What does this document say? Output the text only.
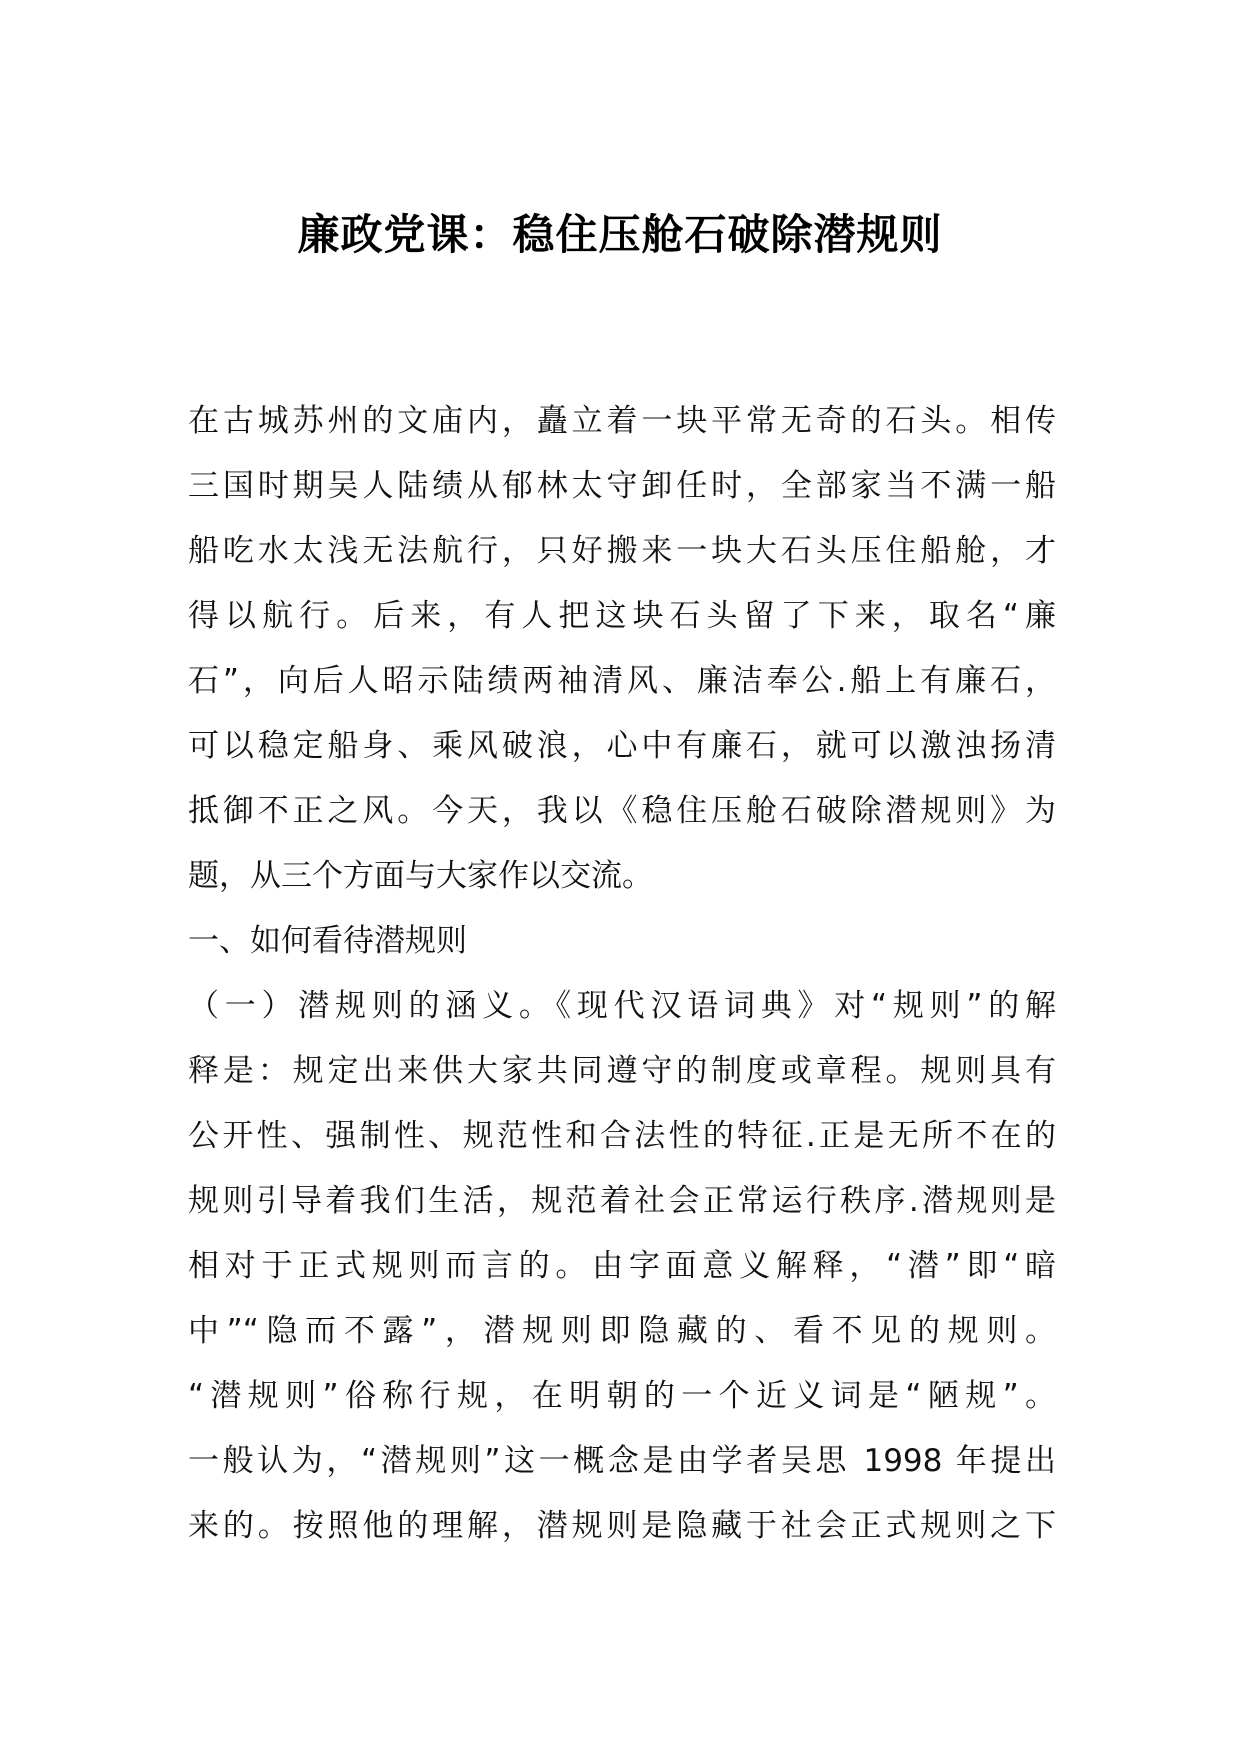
廉政党课：稳住压舱石破除潜规则
在古城苏州的文庙内，矗立着一块平常无奇的石头。相传
三国时期吴人陆绩从郁林太守卸任时，全部家当不满一船
船吃水太浅无法航行，只好搬来一块大石头压住船舱，才
得以航行。后来，有人把这块石头留了下来，取名“廉
石”，向后人昭示陆绩两袖清风、廉洁奉公.船上有廉石，
可以稳定船身、乘风破浪，心中有廉石，就可以激浊扬清
抵御不正之风。今天，我以《稳住压舱石破除潜规则》为
题，从三个方面与大家作以交流。
一、如何看待潜规则
（一）潜规则的涵义。《现代汉语词典》对“规则”的解
释是：规定出来供大家共同遵守的制度或章程。规则具有
公开性、强制性、规范性和合法性的特征.正是无所不在的
规则引导着我们生活，规范着社会正常运行秩序.潜规则是
相对于正式规则而言的。由字面意义解释，“潜”即“暗
中”“隐而不露”，潜规则即隐藏的、看不见的规则。
“潜规则”俗称行规，在明朝的一个近义词是“陋规”。
一般认为，“潜规则”这一概念是由学者吴思 1998 年提出
来的。按照他的理解，潜规则是隐藏于社会正式规则之下
